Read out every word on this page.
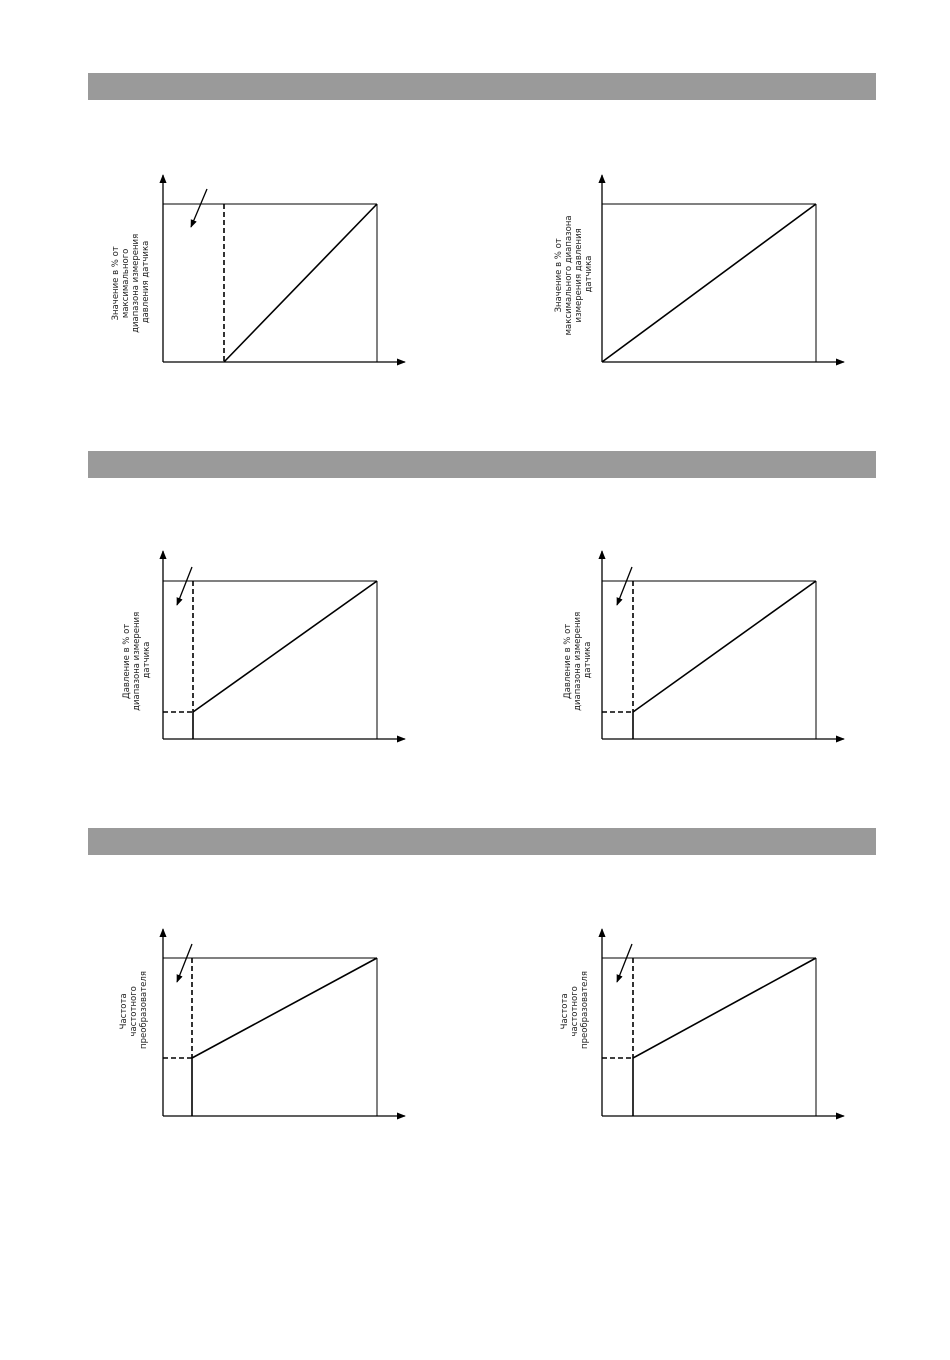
Значение в % от максимального диапазона измерения давления датчика	Значение в % от максимального диапазона измерения давления датчика
Давление в % от диапазона измерения датчика	Давление в % от диапазона измерения датчика
Частота частотного преобразователя	Частота частотного преобразователя
